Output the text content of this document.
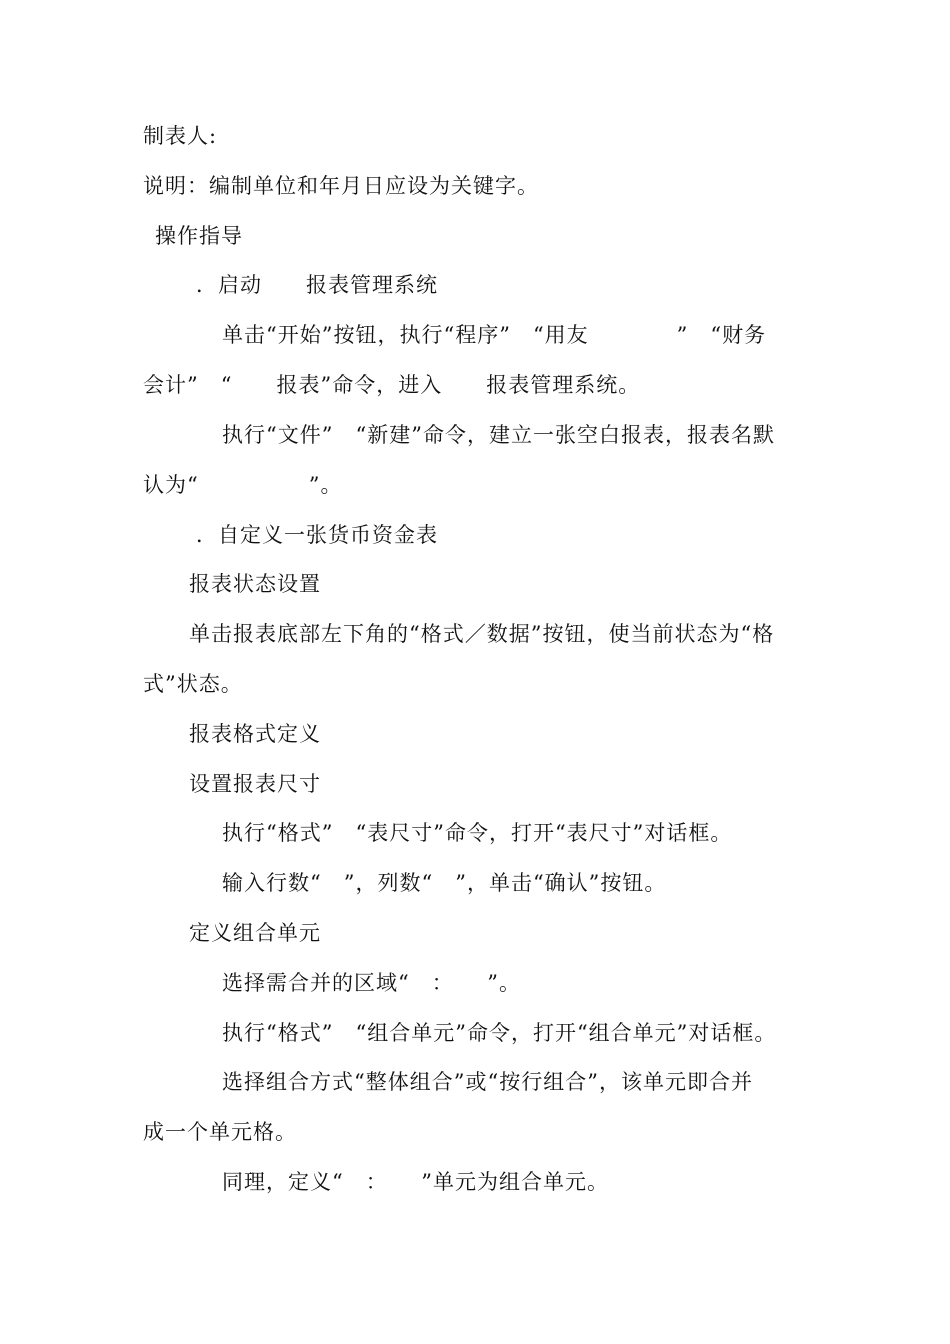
制表人:
说明：编制单位和年月日应设为关键字。
操作指导
．启动　　报表管理系统
单击“开始”按钮，执行“程序”　“用友　　　　”　“财务
会计”　“　　报表”命令，进入　　报表管理系统。
执行“文件”　“新建”命令，建立一张空白报表，报表名默
认为“　　　　　”。
．自定义一张货币资金表
报表状态设置
单击报表底部左下角的“格式／数据”按钮，使当前状态为“格
式”状态。
报表格式定义
设置报表尺寸
执行“格式”　“表尺寸”命令，打开“表尺寸”对话框。
输入行数“　”，列数“　”，单击“确认”按钮。
定义组合单元
选择需合并的区域“　：　　”。
执行“格式”　“组合单元”命令，打开“组合单元”对话框。
选择组合方式“整体组合”或“按行组合”，该单元即合并
成一个单元格。
同理，定义“　：　　”单元为组合单元。
